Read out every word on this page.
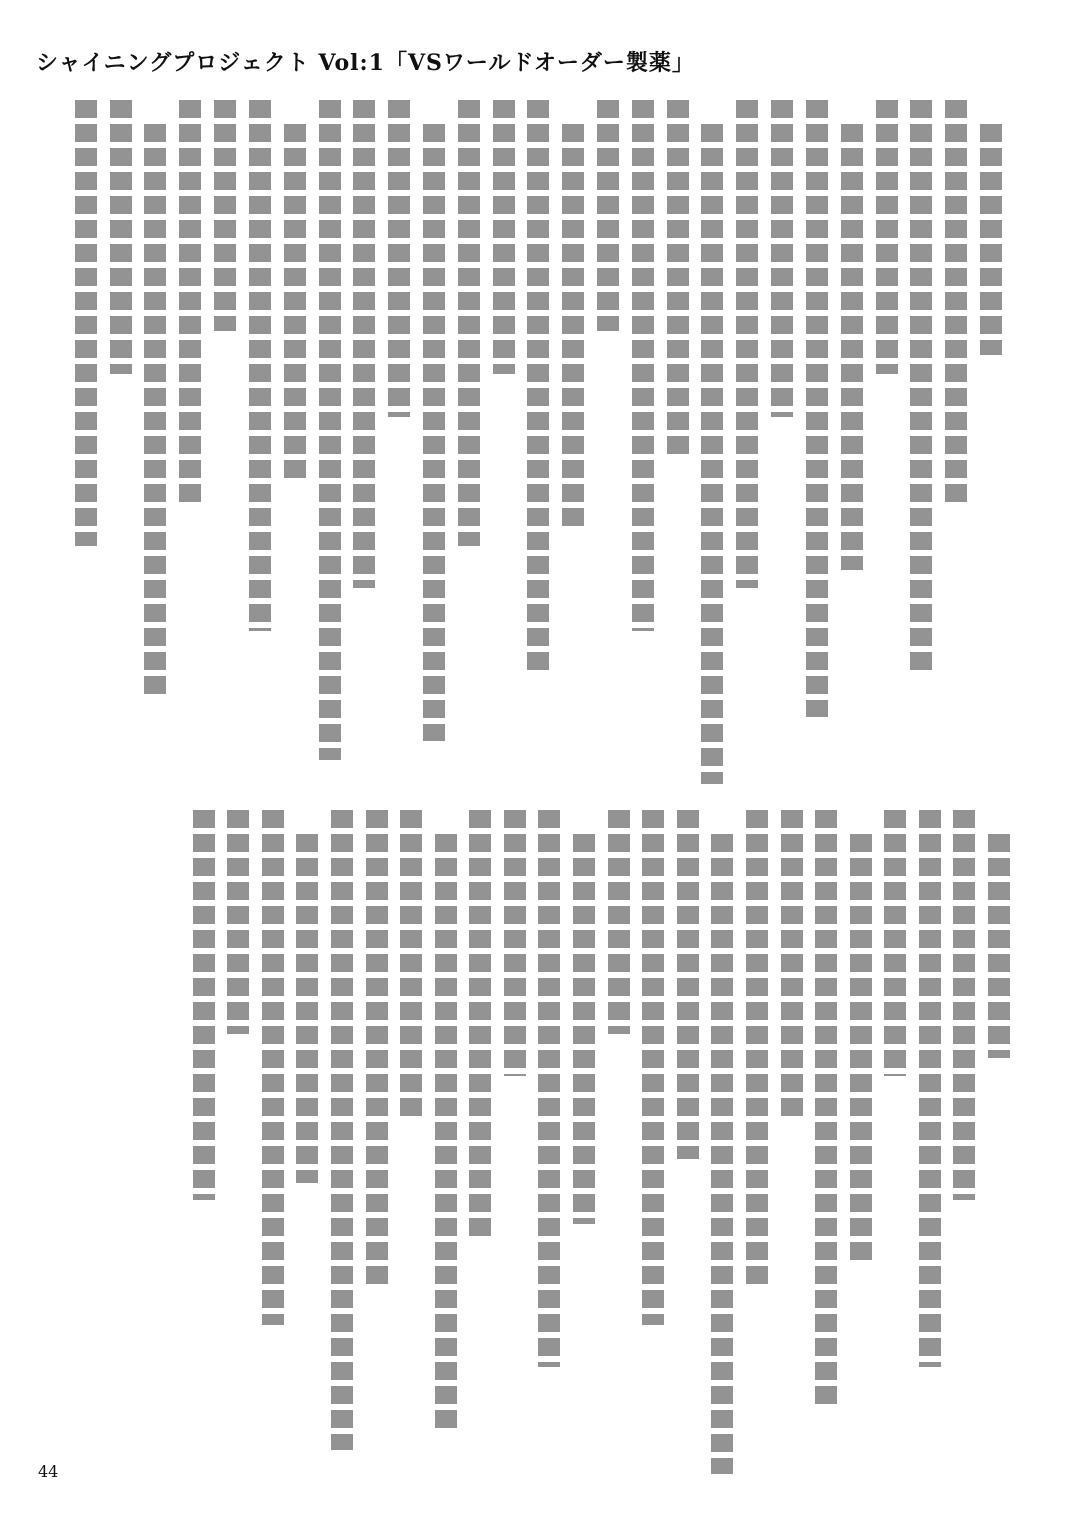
シャイニングプロジェクト Vol:1「VSワールドオーダー製薬」
44
